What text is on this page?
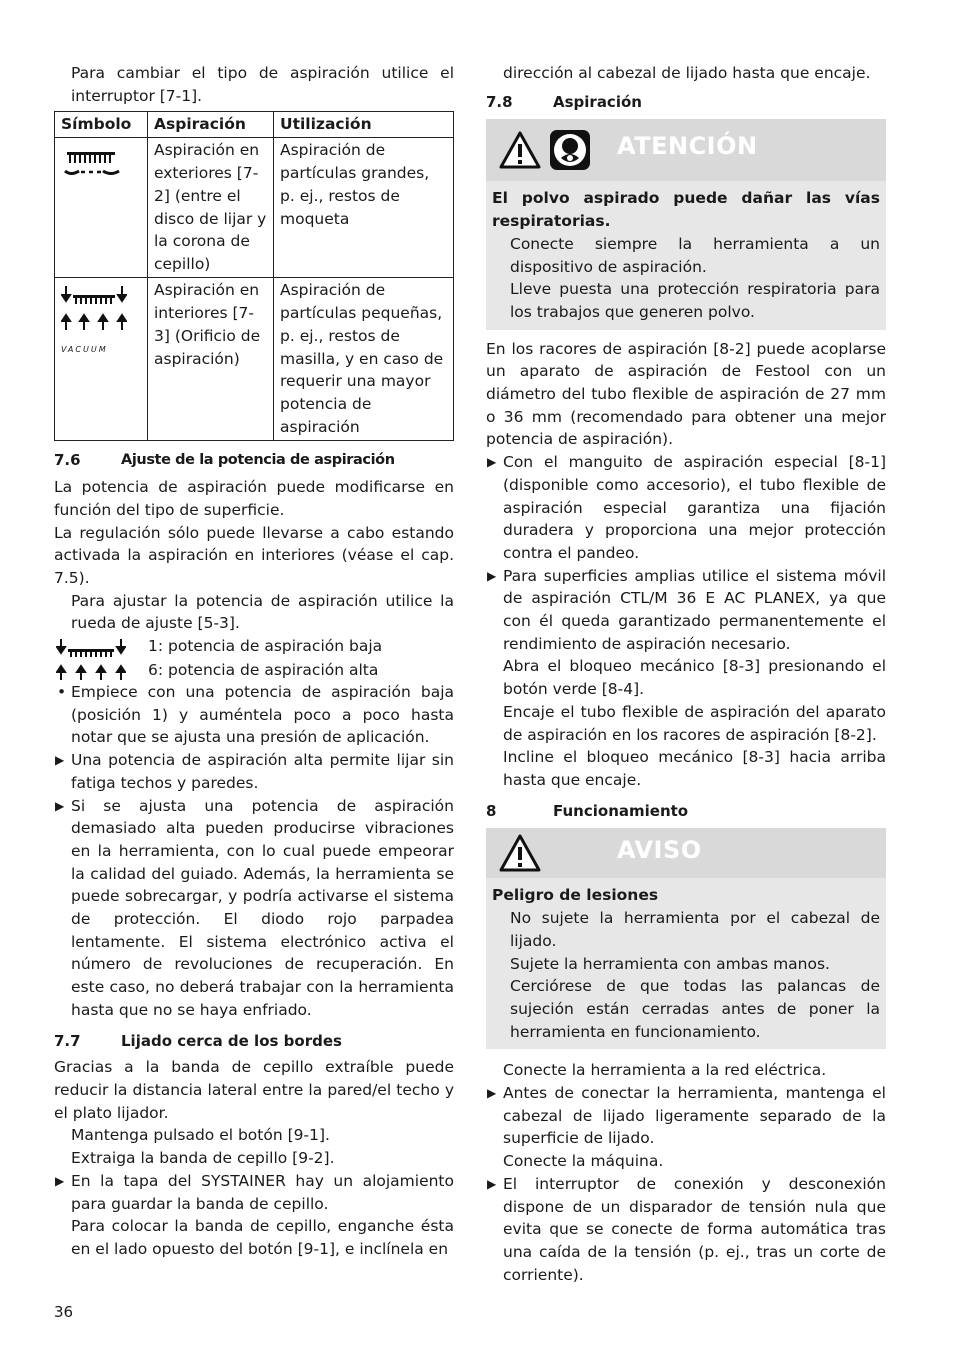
Para cambiar el tipo de aspiración utilice el interruptor [7-1].

Símbolo	Aspiración	Utilización
	Aspiración en exteriores [7-2] (entre el disco de lijar y la corona de cepillo)	Aspiración de partículas grandes, p. ej., restos de moqueta

VACUUM	Aspiración en interiores [7-3] (Orificio de aspiración)	Aspiración de partículas pequeñas, p. ej., restos de masilla, y en caso de requerir una mayor potencia de aspiración
7.6	Ajuste de la potencia de aspiración

La potencia de aspiración puede modificarse en función del tipo de superficie.

La regulación sólo puede llevarse a cabo estando activada la aspiración en interiores (véase el cap. 7.5).

Para ajustar la potencia de aspiración utilice la rueda de ajuste [5-3].

1: potencia de aspiración baja
6: potencia de aspiración alta

• Empiece con una potencia de aspiración baja (posición 1) y auméntela poco a poco hasta notar que se ajusta una presión de aplicación.

▶ Una potencia de aspiración alta permite lijar sin fatiga techos y paredes.

▶ Si se ajusta una potencia de aspiración demasiado alta pueden producirse vibraciones en la herramienta, con lo cual puede empeorar la calidad del guiado. Además, la herramienta se puede sobrecargar, y podría activarse el sistema de protección. El diodo rojo parpadea lentamente. El sistema electrónico activa el número de revoluciones de recuperación. En este caso, no deberá trabajar con la herramienta hasta que no se haya enfriado.

7.7	Lijado cerca de los bordes

Gracias a la banda de cepillo extraíble puede reducir la distancia lateral entre la pared/el techo y el plato lijador.

Mantenga pulsado el botón [9-1].

Extraiga la banda de cepillo [9-2].

▶ En la tapa del SYSTAINER hay un alojamiento para guardar la banda de cepillo.

Para colocar la banda de cepillo, enganche ésta en el lado opuesto del botón [9-1], e inclínela en

dirección al cabezal de lijado hasta que encaje.

7.8	Aspiración
ATENCIÓN

El polvo aspirado puede dañar las vías respiratorias.

Conecte siempre la herramienta a un dispositivo de aspiración.

Lleve puesta una protección respiratoria para los trabajos que generen polvo.

En los racores de aspiración [8-2] puede acoplarse un aparato de aspiración de Festool con un diámetro del tubo flexible de aspiración de 27 mm o 36 mm (recomendado para obtener una mejor potencia de aspiración).

▶ Con el manguito de aspiración especial [8-1] (disponible como accesorio), el tubo flexible de aspiración especial garantiza una fijación duradera y proporciona una mejor protección contra el pandeo.

▶ Para superficies amplias utilice el sistema móvil de aspiración CTL/M 36 E AC PLANEX, ya que con él queda garantizado permanentemente el rendimiento de aspiración necesario.

Abra el bloqueo mecánico [8-3] presionando el botón verde [8-4].

Encaje el tubo flexible de aspiración del aparato de aspiración en los racores de aspiración [8-2].

Incline el bloqueo mecánico [8-3] hacia arriba hasta que encaje.

8	Funcionamiento
AVISO

Peligro de lesiones

No sujete la herramienta por el cabezal de lijado.

Sujete la herramienta con ambas manos.

Cerciórese de que todas las palancas de sujeción están cerradas antes de poner la herramienta en funcionamiento.

Conecte la herramienta a la red eléctrica.

▶ Antes de conectar la herramienta, mantenga el cabezal de lijado ligeramente separado de la superficie de lijado.

Conecte la máquina.

▶ El interruptor de conexión y desconexión dispone de un disparador de tensión nula que evita que se conecte de forma automática tras una caída de la tensión (p. ej., tras un corte de corriente).

36
